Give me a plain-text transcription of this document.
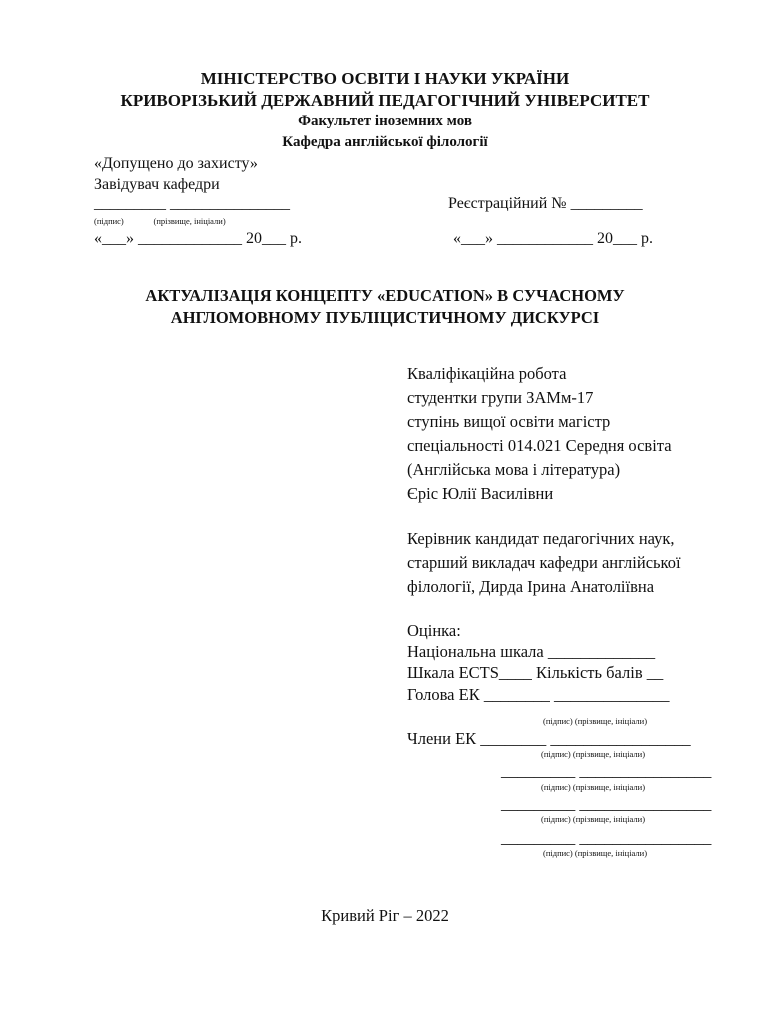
МІНІСТЕРСТВО ОСВІТИ І НАУКИ УКРАЇНИ
КРИВОРІЗЬКИЙ ДЕРЖАВНИЙ ПЕДАГОГІЧНИЙ УНІВЕРСИТЕТ
Факультет іноземних мов
Кафедра англійської філології
«Допущено до захисту»
Завідувач кафедри
_________ _______________
(підпис)              (прізвище, ініціали)
«___» _____________ 20___ р.
Реєстраційний № _________
«___» ____________ 20___ р.
АКТУАЛІЗАЦІЯ КОНЦЕПТУ «EDUCATION» В СУЧАСНОМУ
АНГЛОМОВНОМУ ПУБЛІЦИСТИЧНОМУ ДИСКУРСІ
Кваліфікаційна робота
студентки групи ЗАМм-17
ступінь вищої освіти магістр
спеціальності 014.021 Середня освіта
(Англійська мова і література)
Єріс Юлії Василівни
Керівник кандидат педагогічних наук,
старший викладач кафедри англійської
філології, Дирда Ірина Анатоліївна
Оцінка:
Національна шкала _____________
Шкала ECTS____ Кількість балів __
Голова ЕК ________ ______________
(підпис) (прізвище, ініціали)
Члени ЕК ________ _________________
(підпис) (прізвище, ініціали)
_________ ________________
(підпис) (прізвище, ініціали)
_________ ________________
(підпис) (прізвище, ініціали)
_________ ________________
(підпис) (прізвище, ініціали)
Кривий Ріг – 2022
